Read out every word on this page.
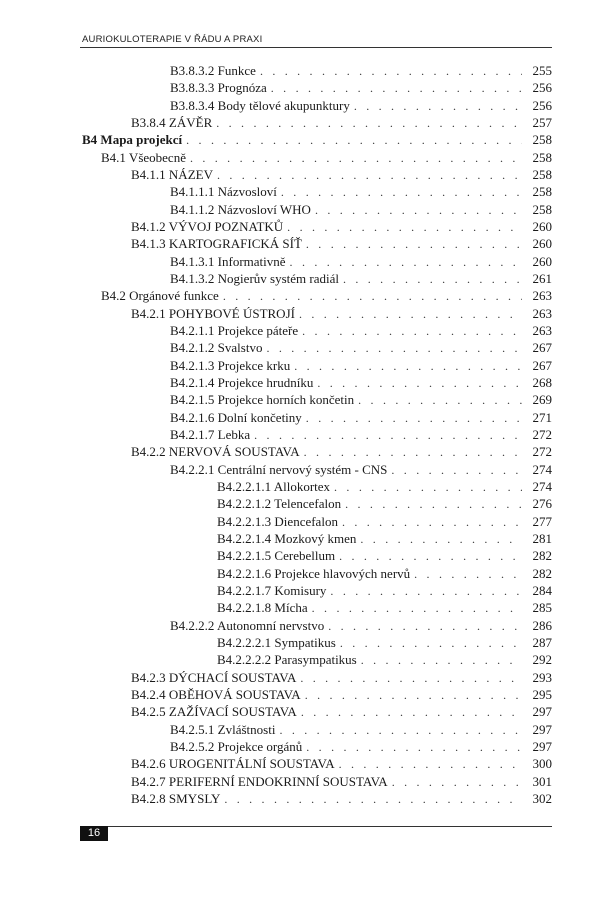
AURIOKULOTERAPIE V ŘÁDU A PRAXI
B3.8.3.2 Funkce . . .	255
B3.8.3.3 Prognóza . . .	256
B3.8.3.4 Body tělové akupunktury . . .	256
B3.8.4 ZÁVĚR . . .	257
B4 Mapa projekcí . . .	258
B4.1 Všeobecně . . .	258
B4.1.1 NÁZEV . . .	258
B4.1.1.1 Názvosloví . . .	258
B4.1.1.2 Názvosloví WHO . . .	258
B4.1.2 VÝVOJ POZNATKŮ . . .	260
B4.1.3 KARTOGRAFICKÁ SÍŤ . . .	260
B4.1.3.1 Informativně . . .	260
B4.1.3.2 Nogierův systém radiál . . .	261
B4.2 Orgánové funkce . . .	263
B4.2.1 POHYBOVÉ ÚSTROJÍ . . .	263
B4.2.1.1 Projekce páteře . . .	263
B4.2.1.2 Svalstvo . . .	267
B4.2.1.3 Projekce krku . . .	267
B4.2.1.4 Projekce hrudníku . . .	268
B4.2.1.5 Projekce horních končetin . . .	269
B4.2.1.6 Dolní končetiny . . .	271
B4.2.1.7 Lebka . . .	272
B4.2.2 NERVOVÁ SOUSTAVA . . .	272
B4.2.2.1 Centrální nervový systém - CNS . . .	274
B4.2.2.1.1 Allokortex . . .	274
B4.2.2.1.2 Telencefalon . . .	276
B4.2.2.1.3 Diencefalon . . .	277
B4.2.2.1.4 Mozkový kmen . . .	281
B4.2.2.1.5 Cerebellum . . .	282
B4.2.2.1.6 Projekce hlavových nervů . . .	282
B4.2.2.1.7 Komisury . . .	284
B4.2.2.1.8 Mícha . . .	285
B4.2.2.2 Autonomní nervstvo . . .	286
B4.2.2.2.1 Sympatikus . . .	287
B4.2.2.2.2 Parasympatikus . . .	292
B4.2.3 DÝCHACÍ SOUSTAVA . . .	293
B4.2.4 OBĚHOVÁ SOUSTAVA . . .	295
B4.2.5 ZAŽÍVACÍ SOUSTAVA . . .	297
B4.2.5.1 Zvláštnosti . . .	297
B4.2.5.2 Projekce orgánů . . .	297
B4.2.6 UROGENITÁLNÍ SOUSTAVA . . .	300
B4.2.7 PERIFERNÍ ENDOKRINNÍ SOUSTAVA . . .	301
B4.2.8 SMYSLY . . .	302
16
